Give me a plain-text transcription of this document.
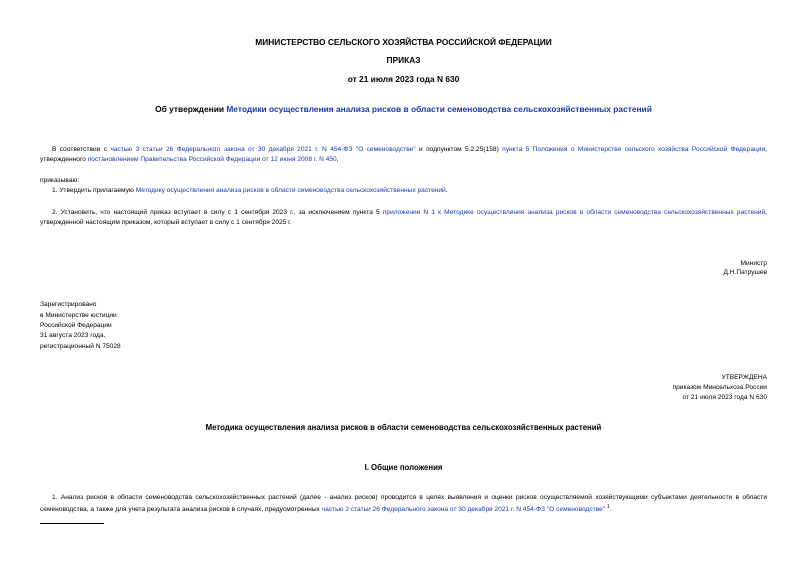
МИНИСТЕРСТВО СЕЛЬСКОГО ХОЗЯЙСТВА РОССИЙСКОЙ ФЕДЕРАЦИИ
ПРИКАЗ
от 21 июля 2023 года N 630
Об утверждении Методики осуществления анализа рисков в области семеноводства сельскохозяйственных растений
В соответствии с частью 3 статьи 26 Федерального закона от 30 декабря 2021 г. N 454-ФЗ "О семеноводстве" и подпунктом 5.2.25(158) пункта 5 Положения о Министерстве сельского хозяйства Российской Федерации, утвержденного постановлением Правительства Российской Федерации от 12 июня 2008 г. N 450,
приказываю:
1. Утвердить прилагаемую Методику осуществления анализа рисков в области семеноводства сельскохозяйственных растений.
2. Установить, что настоящий приказ вступает в силу с 1 сентября 2023 г., за исключением пункта 5 приложения N 1 к Методике осуществления анализа рисков в области семеноводства сельскохозяйственных растений, утвержденной настоящим приказом, который вступает в силу с 1 сентября 2025 г.
Министр
Д.Н.Патрушев
Зарегистрировано
в Министерстве юстиции
Российской Федерации
31 августа 2023 года,
регистрационный N 75028
УТВЕРЖДЕНА
приказом Минсельхоза России
от 21 июля 2023 года N 630
Методика осуществления анализа рисков в области семеноводства сельскохозяйственных растений
I. Общие положения
1. Анализ рисков в области семеноводства сельскохозяйственных растений (далее - анализ рисков) проводится в целях выявления и оценки рисков осуществляемой хозяйствующими субъектами деятельности в области семеноводства, а также для учета результата анализа рисков в случаях, предусмотренных частью 2 статьи 26 Федерального закона от 30 декабря 2021 г. N 454-ФЗ "О семеноводстве" $^1$.
